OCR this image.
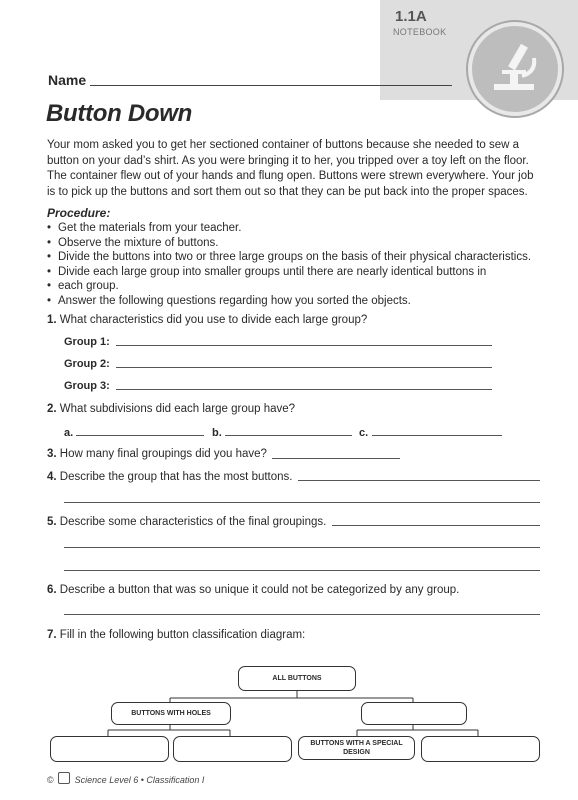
1.1A
NOTEBOOK
Name
Button Down
Your mom asked you to get her sectioned container of buttons because she needed to sew a
button on your dad’s shirt. As you were bringing it to her, you tripped over a toy left on the floor.
The container flew out of your hands and flung open. Buttons were strewn everywhere. Your job
is to pick up the buttons and sort them out so that they can be put back into the proper spaces.
Procedure:
• Get the materials from your teacher.
• Observe the mixture of buttons.
• Divide the buttons into two or three large groups on the basis of their physical characteristics.
• Divide each large group into smaller groups until there are nearly identical buttons in
• each group.
• Answer the following questions regarding how you sorted the objects.
1. What characteristics did you use to divide each large group?
Group 1:
Group 2:
Group 3:
2. What subdivisions did each large group have?
a.	b.	c.
3. How many final groupings did you have?
4. Describe the group that has the most buttons.
5. Describe some characteristics of the final groupings.
6. Describe a button that was so unique it could not be categorized by any group.
7. Fill in the following button classification diagram:
ALL BUTTONS
BUTTONS WITH HOLES
BUTTONS WITH A SPECIAL DESIGN
© Science Level 6 • Classification I
